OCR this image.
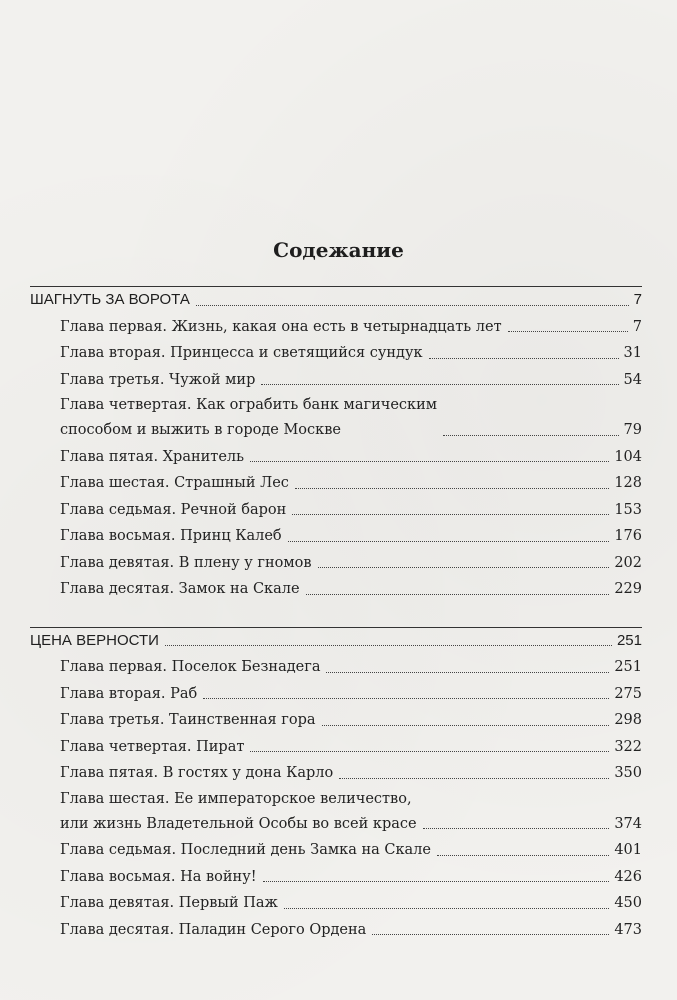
Содежание
ШАГНУТЬ ЗА ВОРОТА	7
Глава первая. Жизнь, какая она есть в четырнадцать лет	7
Глава вторая. Принцесса и светящийся сундук	31
Глава третья. Чужой мир	54
Глава четвертая. Как ограбить банк магическим
способом и выжить в городе Москве	79
Глава пятая. Хранитель	104
Глава шестая. Страшный Лес	128
Глава седьмая. Речной барон	153
Глава восьмая. Принц Калеб	176
Глава девятая. В плену у гномов	202
Глава десятая. Замок на Скале	229
ЦЕНА ВЕРНОСТИ	251
Глава первая. Поселок Безнадега	251
Глава вторая. Раб	275
Глава третья. Таинственная гора	298
Глава четвертая. Пират	322
Глава пятая. В гостях у дона Карло	350
Глава шестая. Ее императорское величество,
или жизнь Владетельной Особы во всей красе	374
Глава седьмая. Последний день Замка на Скале	401
Глава восьмая. На войну!	426
Глава девятая. Первый Паж	450
Глава десятая. Паладин Серого Ордена	473
